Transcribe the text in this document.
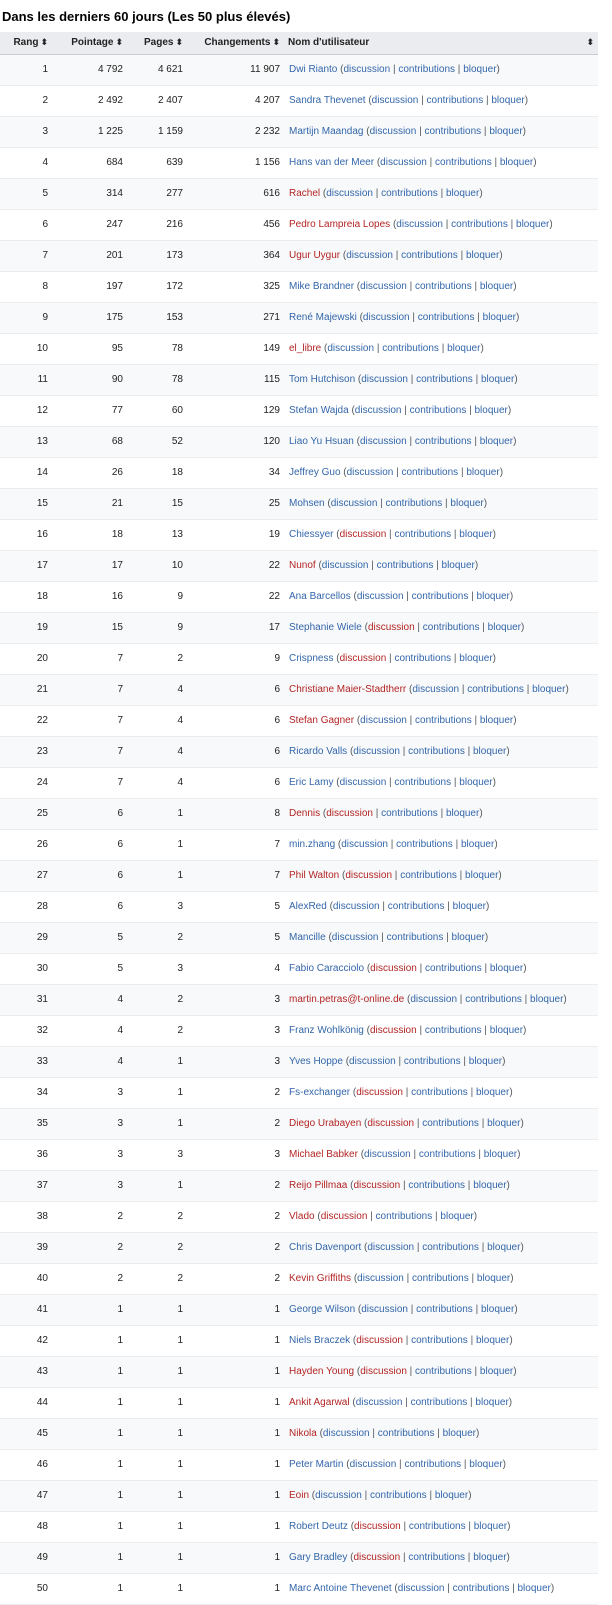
Dans les derniers 60 jours (Les 50 plus élevés)
Rang ⬍	Pointage ⬍	Pages ⬍	Changements ⬍	Nom d'utilisateur ⬍

1	4 792	4 621	11 907	Dwi Rianto (discussion | contributions | bloquer)
2	2 492	2 407	4 207	Sandra Thevenet (discussion | contributions | bloquer)
3	1 225	1 159	2 232	Martijn Maandag (discussion | contributions | bloquer)
4	684	639	1 156	Hans van der Meer (discussion | contributions | bloquer)
5	314	277	616	Rachel (discussion | contributions | bloquer)
6	247	216	456	Pedro Lampreia Lopes (discussion | contributions | bloquer)
7	201	173	364	Ugur Uygur (discussion | contributions | bloquer)
8	197	172	325	Mike Brandner (discussion | contributions | bloquer)
9	175	153	271	René Majewski (discussion | contributions | bloquer)
10	95	78	149	el_libre (discussion | contributions | bloquer)
11	90	78	115	Tom Hutchison (discussion | contributions | bloquer)
12	77	60	129	Stefan Wajda (discussion | contributions | bloquer)
13	68	52	120	Liao Yu Hsuan (discussion | contributions | bloquer)
14	26	18	34	Jeffrey Guo (discussion | contributions | bloquer)
15	21	15	25	Mohsen (discussion | contributions | bloquer)
16	18	13	19	Chiessyer (discussion | contributions | bloquer)
17	17	10	22	Nunof (discussion | contributions | bloquer)
18	16	9	22	Ana Barcellos (discussion | contributions | bloquer)
19	15	9	17	Stephanie Wiele (discussion | contributions | bloquer)
20	7	2	9	Crispness (discussion | contributions | bloquer)
21	7	4	6	Christiane Maier-Stadtherr (discussion | contributions | bloquer)
22	7	4	6	Stefan Gagner (discussion | contributions | bloquer)
23	7	4	6	Ricardo Valls (discussion | contributions | bloquer)
24	7	4	6	Eric Lamy (discussion | contributions | bloquer)
25	6	1	8	Dennis (discussion | contributions | bloquer)
26	6	1	7	min.zhang (discussion | contributions | bloquer)
27	6	1	7	Phil Walton (discussion | contributions | bloquer)
28	6	3	5	AlexRed (discussion | contributions | bloquer)
29	5	2	5	Mancille (discussion | contributions | bloquer)
30	5	3	4	Fabio Caracciolo (discussion | contributions | bloquer)
31	4	2	3	martin.petras@t-online.de (discussion | contributions | bloquer)
32	4	2	3	Franz Wohlkönig (discussion | contributions | bloquer)
33	4	1	3	Yves Hoppe (discussion | contributions | bloquer)
34	3	1	2	Fs-exchanger (discussion | contributions | bloquer)
35	3	1	2	Diego Urabayen (discussion | contributions | bloquer)
36	3	3	3	Michael Babker (discussion | contributions | bloquer)
37	3	1	2	Reijo Pillmaa (discussion | contributions | bloquer)
38	2	2	2	Vlado (discussion | contributions | bloquer)
39	2	2	2	Chris Davenport (discussion | contributions | bloquer)
40	2	2	2	Kevin Griffiths (discussion | contributions | bloquer)
41	1	1	1	George Wilson (discussion | contributions | bloquer)
42	1	1	1	Niels Braczek (discussion | contributions | bloquer)
43	1	1	1	Hayden Young (discussion | contributions | bloquer)
44	1	1	1	Ankit Agarwal (discussion | contributions | bloquer)
45	1	1	1	Nikola (discussion | contributions | bloquer)
46	1	1	1	Peter Martin (discussion | contributions | bloquer)
47	1	1	1	Eoin (discussion | contributions | bloquer)
48	1	1	1	Robert Deutz (discussion | contributions | bloquer)
49	1	1	1	Gary Bradley (discussion | contributions | bloquer)
50	1	1	1	Marc Antoine Thevenet (discussion | contributions | bloquer)
